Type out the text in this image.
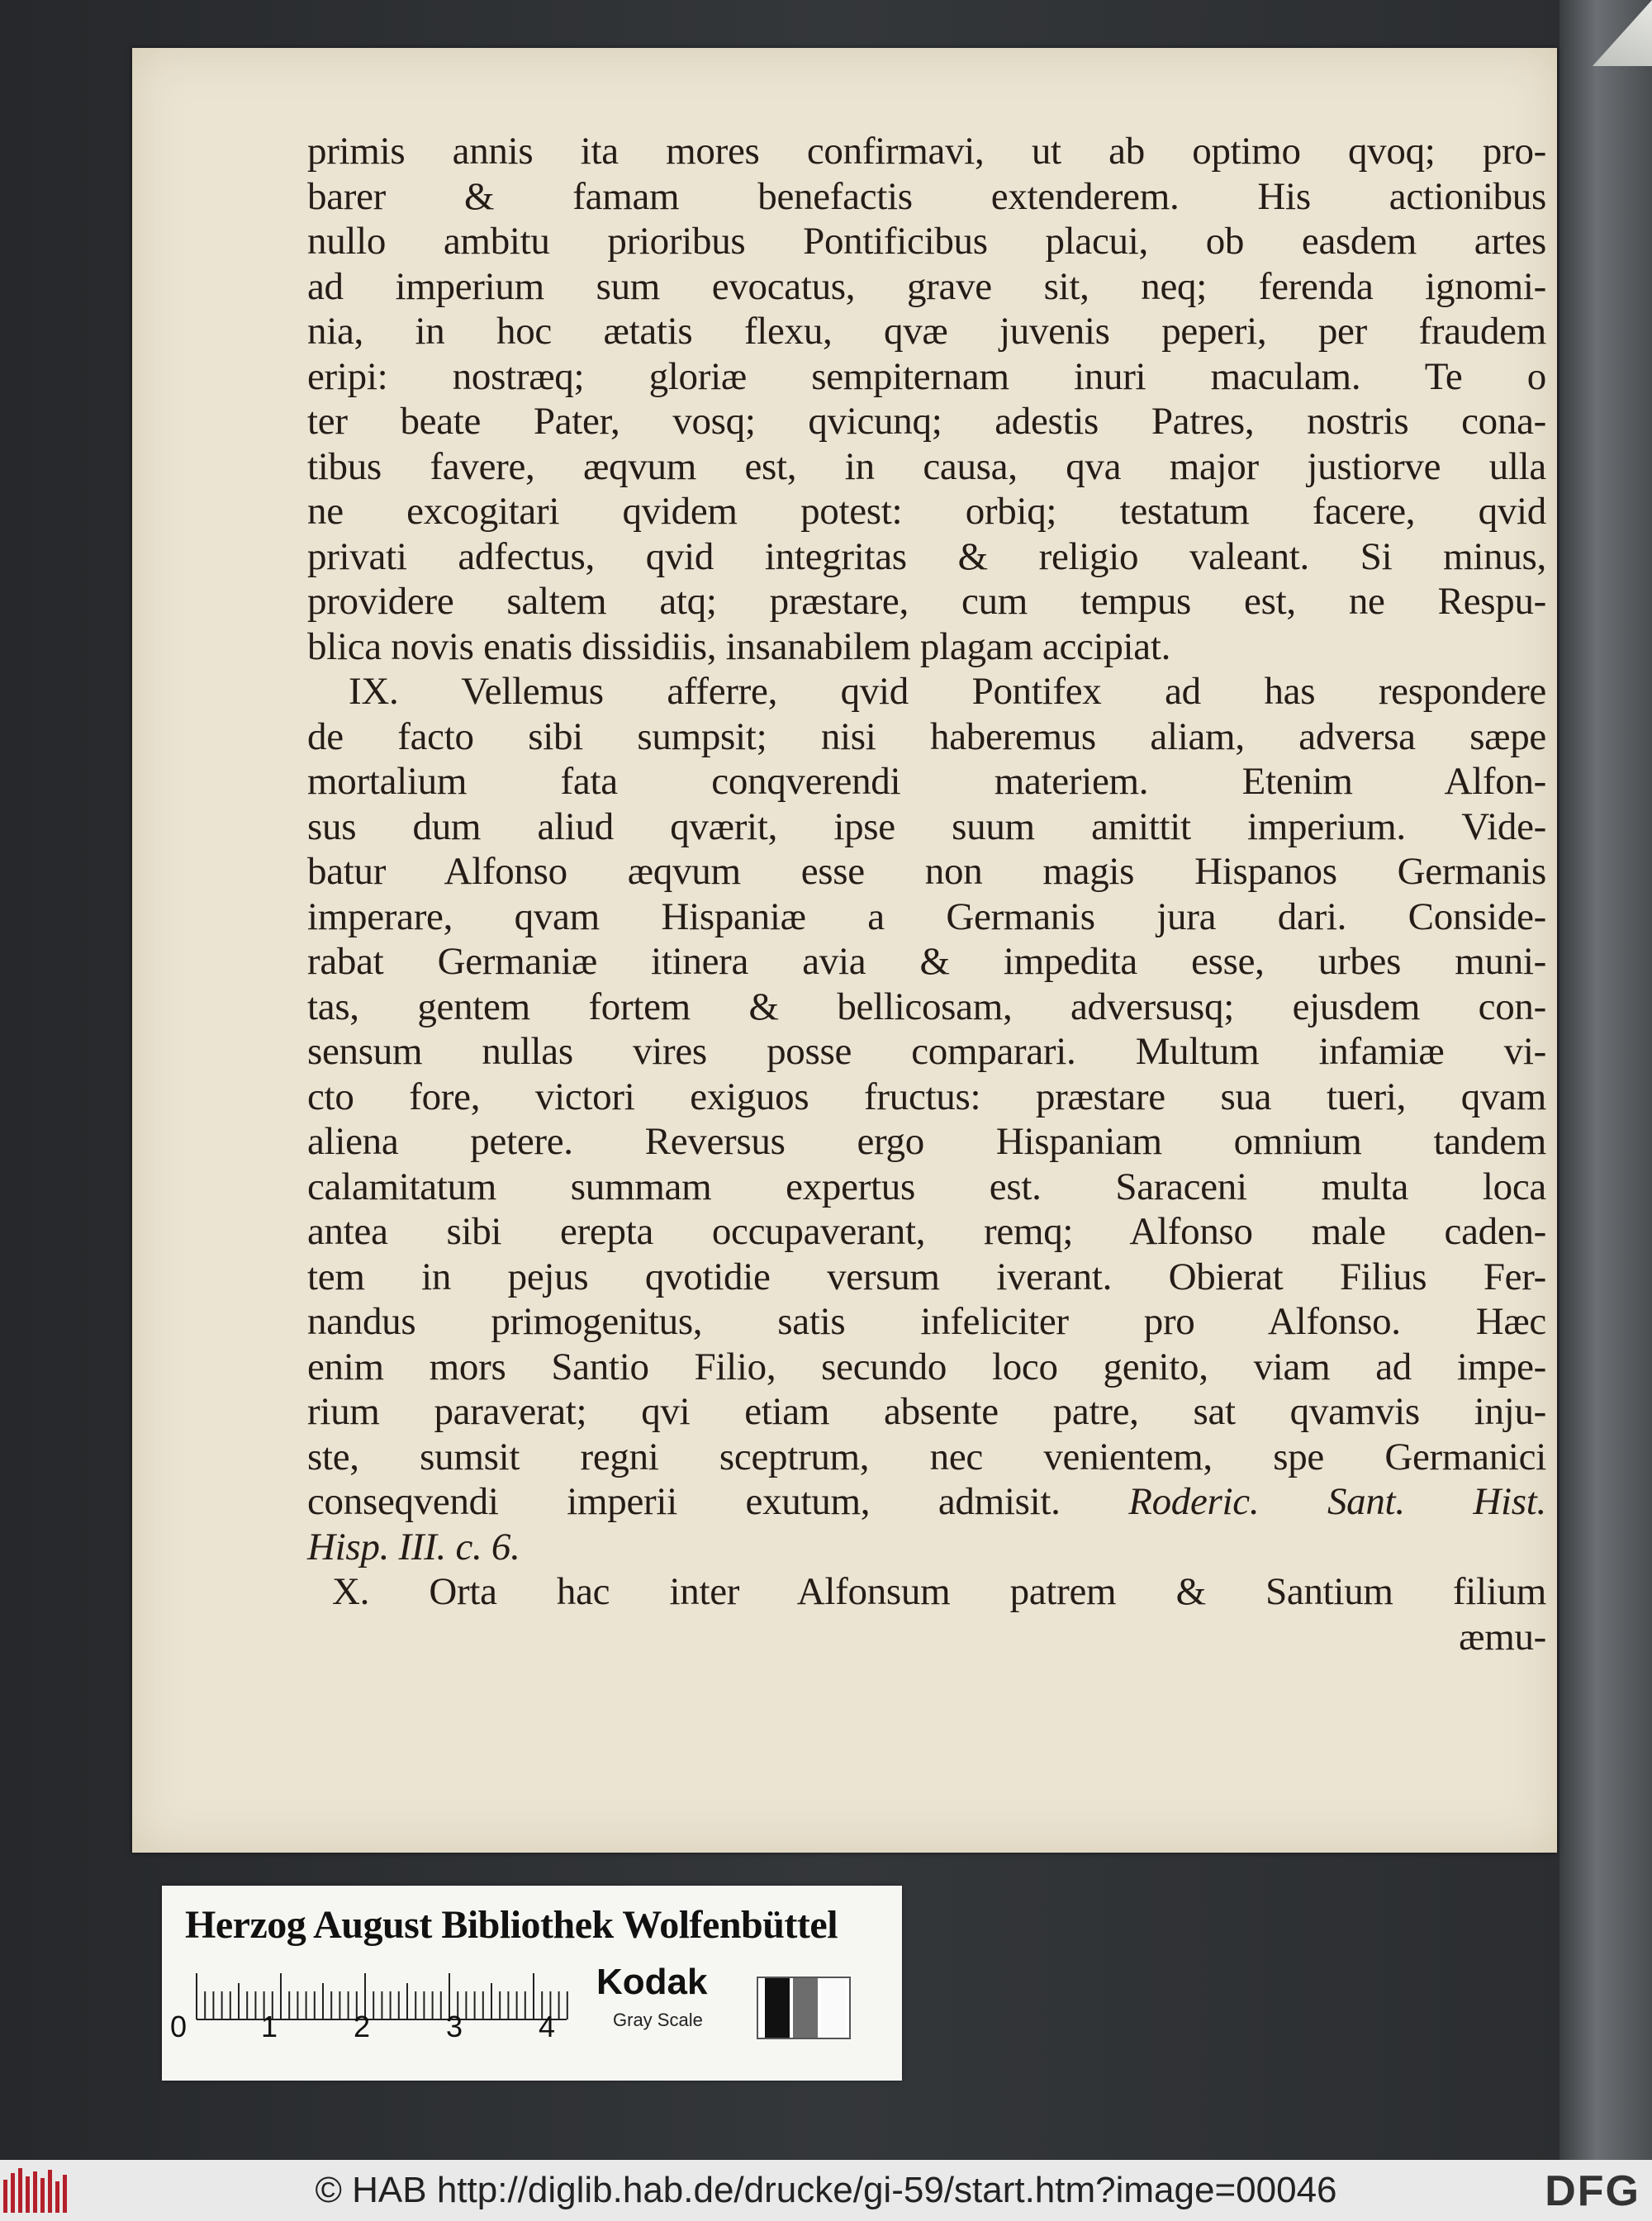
primis annis ita mores confirmavi, ut ab optimo qvoq; pro-
barer & famam benefactis extenderem. His actionibus
nullo ambitu prioribus Pontificibus placui, ob easdem artes
ad imperium sum evocatus, grave sit, neq; ferenda ignomi-
nia, in hoc ætatis flexu, qvæ juvenis peperi, per fraudem
eripi: nostræq; gloriæ sempiternam inuri maculam. Te o
ter beate Pater, vosq; qvicunq; adestis Patres, nostris cona-
tibus favere, æqvum est, in causa, qva major justiorve ulla
ne excogitari qvidem potest: orbiq; testatum facere, qvid
privati adfectus, qvid integritas & religio valeant. Si minus,
providere saltem atq; præstare, cum tempus est, ne Respu-
blica novis enatis dissidiis, insanabilem plagam accipiat.
IX. Vellemus afferre, qvid Pontifex ad has respondere
de facto sibi sumpsit; nisi haberemus aliam, adversa sæpe
mortalium fata conqverendi materiem. Etenim Alfon-
sus dum aliud qværit, ipse suum amittit imperium. Vide-
batur Alfonso æqvum esse non magis Hispanos Germanis
imperare, qvam Hispaniæ a Germanis jura dari. Conside-
rabat Germaniæ itinera avia & impedita esse, urbes muni-
tas, gentem fortem & bellicosam, adversusq; ejusdem con-
sensum nullas vires posse comparari. Multum infamiæ vi-
cto fore, victori exiguos fructus: præstare sua tueri, qvam
aliena petere. Reversus ergo Hispaniam omnium tandem
calamitatum summam expertus est. Saraceni multa loca
antea sibi erepta occupaverant, remq; Alfonso male caden-
tem in pejus qvotidie versum iverant. Obierat Filius Fer-
nandus primogenitus, satis infeliciter pro Alfonso. Hæc
enim mors Santio Filio, secundo loco genito, viam ad impe-
rium paraverat; qvi etiam absente patre, sat qvamvis inju-
ste, sumsit regni sceptrum, nec venientem, spe Germanici
conseqvendi imperii exutum, admisit. Roderic. Sant. Hist.
Hisp. III. c. 6.
X. Orta hac inter Alfonsum patrem & Santium filium
æmu-
Herzog August Bibliothek Wolfenbüttel
0 1	2	3	4
Kodak
Gray Scale
© HAB http://diglib.hab.de/drucke/gi-59/start.htm?image=00046	DFG
